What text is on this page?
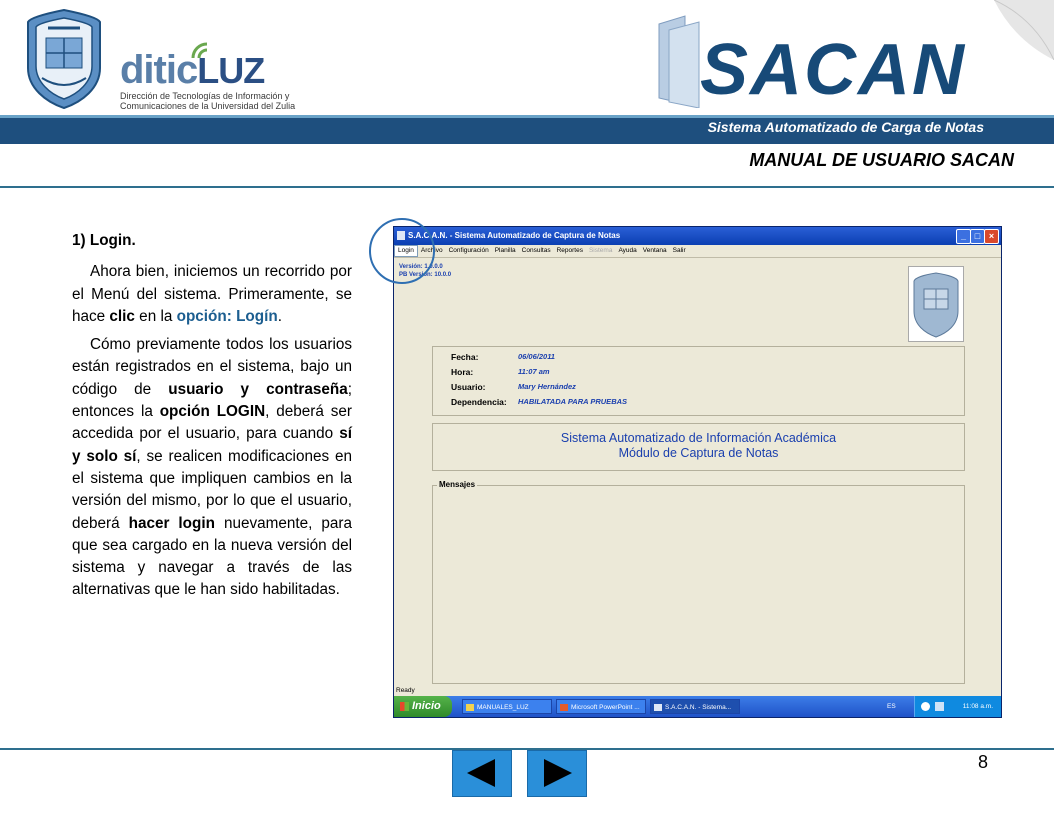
diticLUZ
Dirección de Tecnologías de Información y
Comunicaciones de la Universidad del Zulia	SACAN
Sistema Automatizado de Carga de Notas
MANUAL DE USUARIO SACAN

1) Login.

Ahora bien, iniciemos un recorrido por el Menú del sistema. Primeramente, se hace clic en la opción: Logín.

Cómo previamente todos los usuarios están registrados en el sistema, bajo un código de usuario y contraseña; entonces la opción LOGIN, deberá ser accedida por el usuario, para cuando sí y solo sí, se realicen modificaciones en el sistema que impliquen cambios en la versión del mismo, por lo que el usuario, deberá hacer login nuevamente, para que sea cargado en la nueva versión del sistema y navegar a través de las alternativas que le han sido habilitadas.

S.A.C.A.N. - Sistema Automatizado de Captura de Notas	_ □ ×
Login Archivo Configuración Planilla Consultas Reportes Sistema Ayuda Ventana Salir
Versión: 1.0.0.0
PB Versión: 10.0.0
Fecha:	06/06/2011
Hora:	11:07 am
Usuario:	Mary Hernández
Dependencia: HABILATADA PARA PRUEBAS
Sistema Automatizado de Información Académica
Módulo de Captura de Notas
Mensajes
Ready
Inicio	MANUALES_LUZ	Microsoft PowerPoint ...	S.A.C.A.N. - Sistema...	ES	11:08 a.m.
8
